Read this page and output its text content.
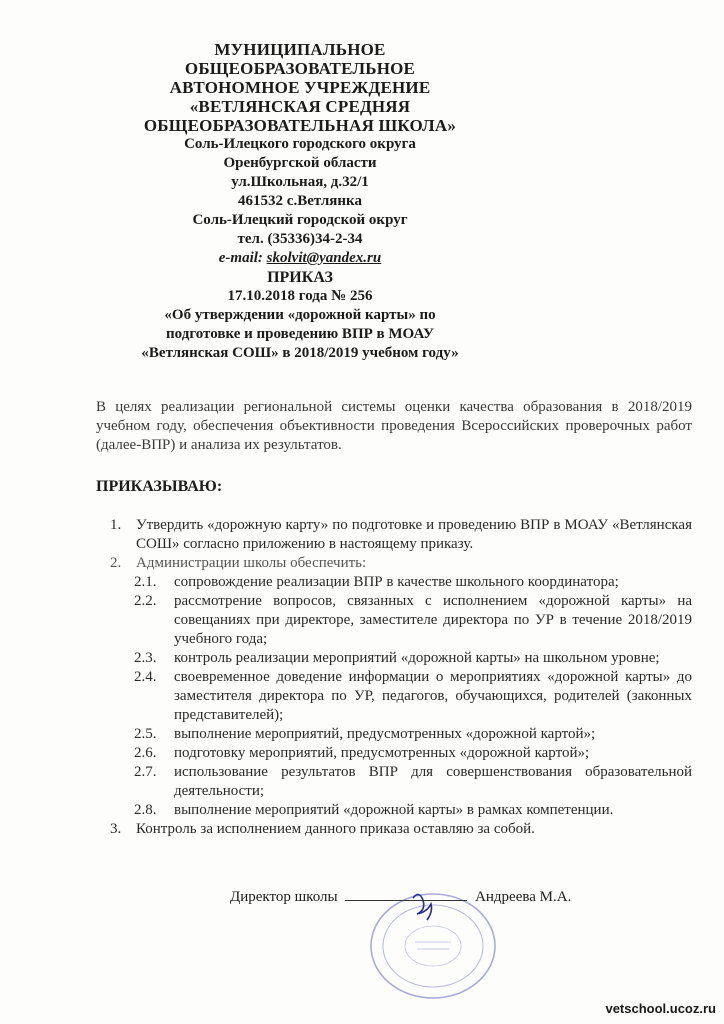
МУНИЦИПАЛЬНОЕ
ОБЩЕОБРАЗОВАТЕЛЬНОЕ
АВТОНОМНОЕ УЧРЕЖДЕНИЕ
«ВЕТЛЯНСКАЯ СРЕДНЯЯ
ОБЩЕОБРАЗОВАТЕЛЬНАЯ ШКОЛА»
Соль-Илецкого городского округа
Оренбургской области
ул.Школьная, д.32/1
461532 с.Ветлянка
Соль-Илецкий городской округ
тел. (35336)34-2-34
e-mail: skolvit@yandex.ru
ПРИКАЗ
17.10.2018 года № 256
«Об утверждении «дорожной карты» по
подготовке и проведению ВПР в МОАУ
«Ветлянская СОШ» в 2018/2019 учебном году»
В целях реализации региональной системы оценки качества образования в 2018/2019 учебном году, обеспечения объективности проведения Всероссийских проверочных работ (далее-ВПР) и анализа их результатов.
ПРИКАЗЫВАЮ:
1. Утвердить «дорожную карту» по подготовке и проведению ВПР в МОАУ «Ветлянская СОШ» согласно приложению в настоящему приказу.
2. Администрации школы обеспечить:
2.1. сопровождение реализации ВПР в качестве школьного координатора;
2.2. рассмотрение вопросов, связанных с исполнением «дорожной карты» на совещаниях при директоре, заместителе директора по УР в течение 2018/2019 учебного года;
2.3. контроль реализации мероприятий «дорожной карты» на школьном уровне;
2.4. своевременное доведение информации о мероприятиях «дорожной карты» до заместителя директора по УР, педагогов, обучающихся, родителей (законных представителей);
2.5. выполнение мероприятий, предусмотренных «дорожной картой»;
2.6. подготовку мероприятий, предусмотренных «дорожной картой»;
2.7. использование результатов ВПР для совершенствования образовательной деятельности;
2.8. выполнение мероприятий «дорожной карты» в рамках компетенции.
3. Контроль за исполнением данного приказа оставляю за собой.
Директор школы	Андреева М.А.
vetschool.ucoz.ru
